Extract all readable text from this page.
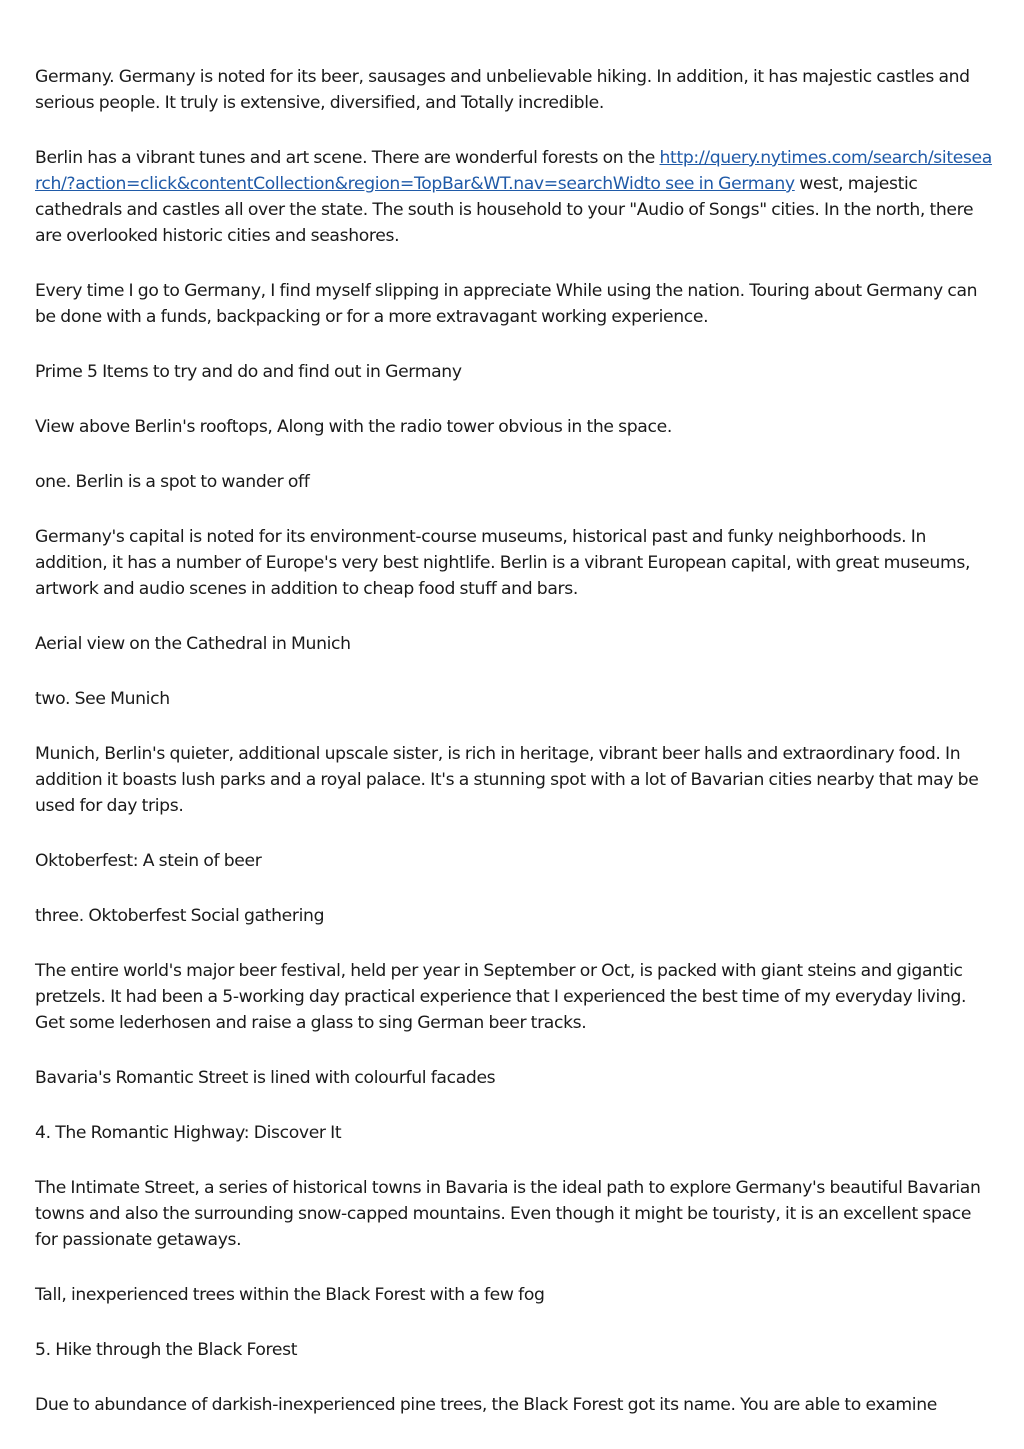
Germany. Germany is noted for its beer, sausages and unbelievable hiking. In addition, it has majestic castles and serious people. It truly is extensive, diversified, and Totally incredible.

Berlin has a vibrant tunes and art scene. There are wonderful forests on the http://query.nytimes.com/search/sitesearch/?action=click&contentCollection&region=TopBar&WT.nav=searchWidto see in Germany west, majestic cathedrals and castles all over the state. The south is household to your "Audio of Songs" cities. In the north, there are overlooked historic cities and seashores.

Every time I go to Germany, I find myself slipping in appreciate While using the nation. Touring about Germany can be done with a funds, backpacking or for a more extravagant working experience.

Prime 5 Items to try and do and find out in Germany

View above Berlin's rooftops, Along with the radio tower obvious in the space.

one. Berlin is a spot to wander off

Germany's capital is noted for its environment-course museums, historical past and funky neighborhoods. In addition, it has a number of Europe's very best nightlife. Berlin is a vibrant European capital, with great museums, artwork and audio scenes in addition to cheap food stuff and bars.

Aerial view on the Cathedral in Munich

two. See Munich

Munich, Berlin's quieter, additional upscale sister, is rich in heritage, vibrant beer halls and extraordinary food. In addition it boasts lush parks and a royal palace. It's a stunning spot with a lot of Bavarian cities nearby that may be used for day trips.

Oktoberfest: A stein of beer

three. Oktoberfest Social gathering

The entire world's major beer festival, held per year in September or Oct, is packed with giant steins and gigantic pretzels. It had been a 5-working day practical experience that I experienced the best time of my everyday living. Get some lederhosen and raise a glass to sing German beer tracks.

Bavaria's Romantic Street is lined with colourful facades

4. The Romantic Highway: Discover It

The Intimate Street, a series of historical towns in Bavaria is the ideal path to explore Germany's beautiful Bavarian towns and also the surrounding snow-capped mountains. Even though it might be touristy, it is an excellent space for passionate getaways.

Tall, inexperienced trees within the Black Forest with a few fog

5. Hike through the Black Forest

Due to abundance of darkish-inexperienced pine trees, the Black Forest got its name. You are able to examine
